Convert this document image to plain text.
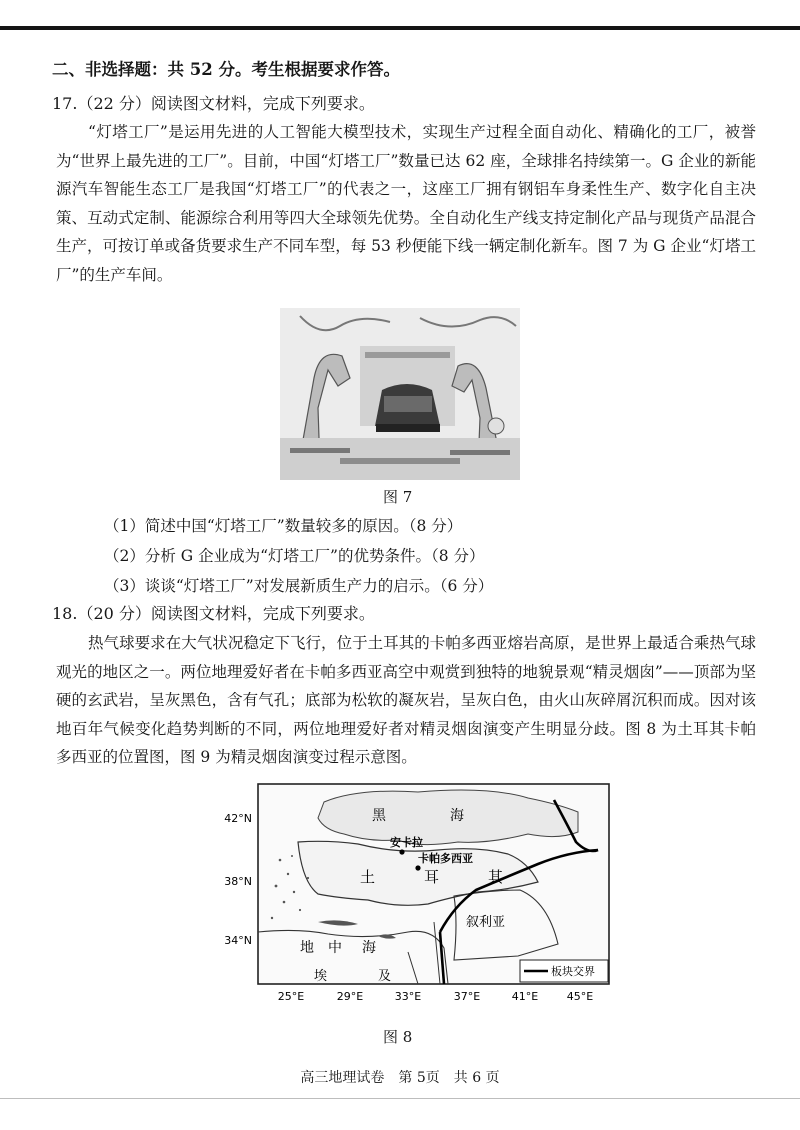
二、非选择题：共 52 分。考生根据要求作答。
17.（22 分）阅读图文材料，完成下列要求。

“灯塔工厂”是运用先进的人工智能大模型技术，实现生产过程全面自动化、精确化的工厂，被誉为“世界上最先进的工厂”。目前，中国“灯塔工厂”数量已达 62 座，全球排名持续第一。G 企业的新能源汽车智能生态工厂是我国“灯塔工厂”的代表之一，这座工厂拥有钢铝车身柔性生产、数字化自主决策、互动式定制、能源综合利用等四大全球领先优势。全自动化生产线支持定制化产品与现货产品混合生产，可按订单或备货要求生产不同车型，每 53 秒便能下线一辆定制化新车。图 7 为 G 企业“灯塔工厂”的生产车间。

图 7
（1）简述中国“灯塔工厂”数量较多的原因。（8 分）
（2）分析 G 企业成为“灯塔工厂”的优势条件。（8 分）
（3）谈谈“灯塔工厂”对发展新质生产力的启示。（6 分）
18.（20 分）阅读图文材料，完成下列要求。

热气球要求在大气状况稳定下飞行，位于土耳其的卡帕多西亚熔岩高原，是世界上最适合乘热气球观光的地区之一。两位地理爱好者在卡帕多西亚高空中观赏到独特的地貌景观“精灵烟囱”——顶部为坚硬的玄武岩，呈灰黑色，含有气孔；底部为松软的凝灰岩，呈灰白色，由火山灰碎屑沉积而成。因对该地百年气候变化趋势判断的不同，两位地理爱好者对精灵烟囱演变产生明显分歧。图 8 为土耳其卡帕多西亚的位置图，图 9 为精灵烟囱演变过程示意图。

42°N
38°N
34°N
25°E	29°E	33°E	37°E	41°E	45°E
黑	海
土	耳	其
地 中 海
埃	及
叙利亚
安卡拉
卡帕多西亚
板块交界
图 8
高三地理试卷　第 5页　共 6 页
